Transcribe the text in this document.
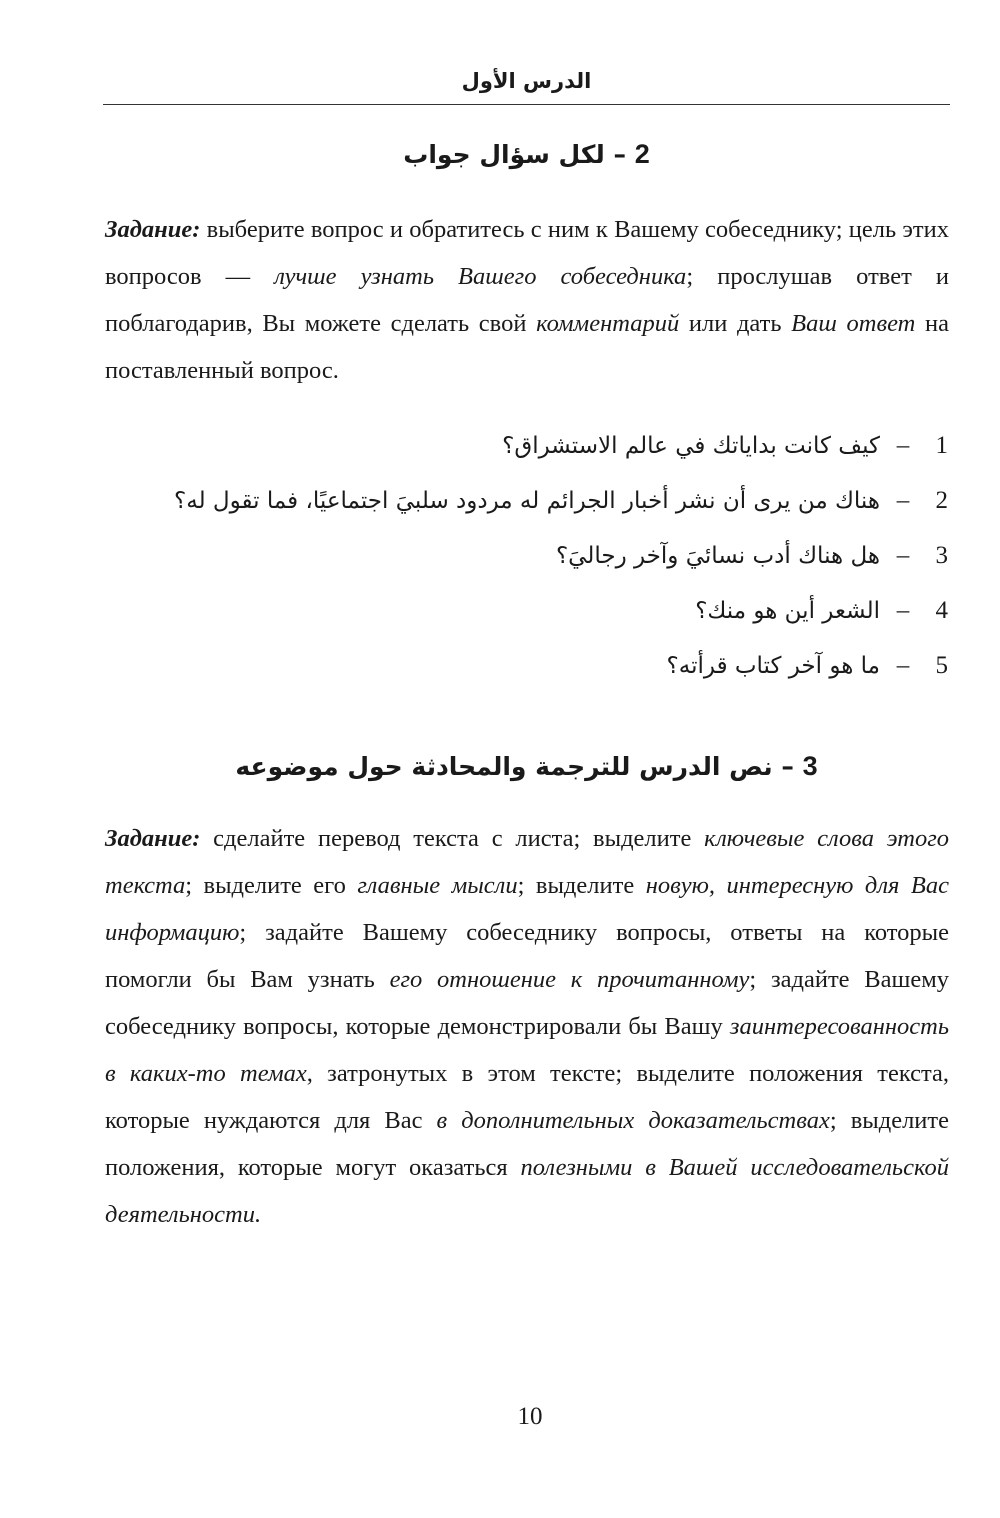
الدرس الأول
2 – لكل سؤال جواب

Задание: выберите вопрос и обратитесь с ним к Вашему собеседнику; цель этих вопросов — лучше узнать Вашего собеседника; прослушав ответ и поблагодарив, Вы можете сделать свой комментарий или дать Ваш ответ на поставленный вопрос.

1
–
كيف كانت بداياتك في عالم الاستشراق؟
2
–
هناك من يرى أن نشر أخبار الجرائم له مردود سلبيَ اجتماعيًا، فما تقول له؟
3
–
هل هناك أدب نسائيَ وآخر رجاليَ؟
4
–
الشعر أين هو منك؟
5
–
ما هو آخر كتاب قرأته؟
3 – نص الدرس للترجمة والمحادثة حول موضوعه

Задание: сделайте перевод текста с листа; выделите ключевые слова этого текста; выделите его главные мысли; выделите новую, интересную для Вас информацию; задайте Вашему собеседнику вопросы, ответы на которые помогли бы Вам узнать его отношение к прочитанному; задайте Вашему собеседнику вопросы, которые демонстрировали бы Вашу заинтересованность в каких-то темах, затронутых в этом тексте; выделите положения текста, которые нуждаются для Вас в дополнительных доказательствах; выделите положения, которые могут оказаться полезными в Вашей исследовательской деятельности.

10
